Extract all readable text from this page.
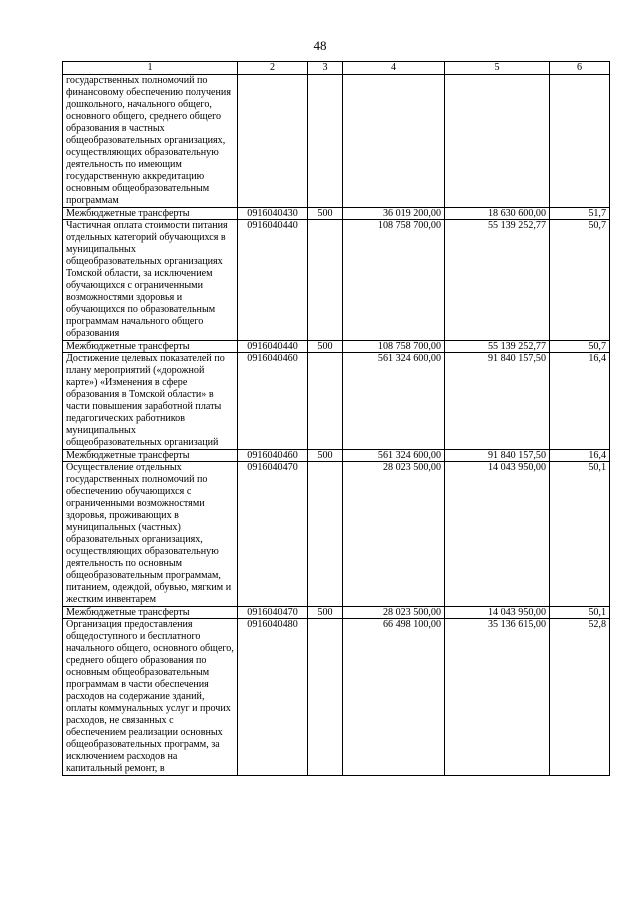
48
1	2	3	4	5	6
государственных полномочий по финансовому обеспечению получения дошкольного, начального общего, основного общего, среднего общего образования в частных общеобразовательных организациях, осуществляющих образовательную деятельность по имеющим государственную аккредитацию основным общеобразовательным программам					
Межбюджетные трансферты	0916040430	500	36 019 200,00	18 630 600,00	51,7
Частичная оплата стоимости питания отдельных категорий обучающихся в муниципальных общеобразовательных организациях Томской области, за исключением обучающихся с ограниченными возможностями здоровья и обучающихся по образовательным программам начального общего образования	0916040440		108 758 700,00	55 139 252,77	50,7
Межбюджетные трансферты	0916040440	500	108 758 700,00	55 139 252,77	50,7
Достижение целевых показателей по плану мероприятий («дорожной карте») «Изменения в сфере образования в Томской области» в части повышения заработной платы педагогических работников муниципальных общеобразовательных организаций	0916040460		561 324 600,00	91 840 157,50	16,4
Межбюджетные трансферты	0916040460	500	561 324 600,00	91 840 157,50	16,4
Осуществление отдельных государственных полномочий по обеспечению обучающихся с ограниченными возможностями здоровья, проживающих в муниципальных (частных) образовательных организациях, осуществляющих образовательную деятельность по основным общеобразовательным программам, питанием, одеждой, обувью, мягким и жестким инвентарем	0916040470		28 023 500,00	14 043 950,00	50,1
Межбюджетные трансферты	0916040470	500	28 023 500,00	14 043 950,00	50,1
Организация предоставления общедоступного и бесплатного начального общего, основного общего, среднего общего образования по основным общеобразовательным программам в части обеспечения расходов на содержание зданий, оплаты коммунальных услуг и прочих расходов, не связанных с обеспечением реализации основных общеобразовательных программ, за исключением расходов на капитальный ремонт, в	0916040480		66 498 100,00	35 136 615,00	52,8
